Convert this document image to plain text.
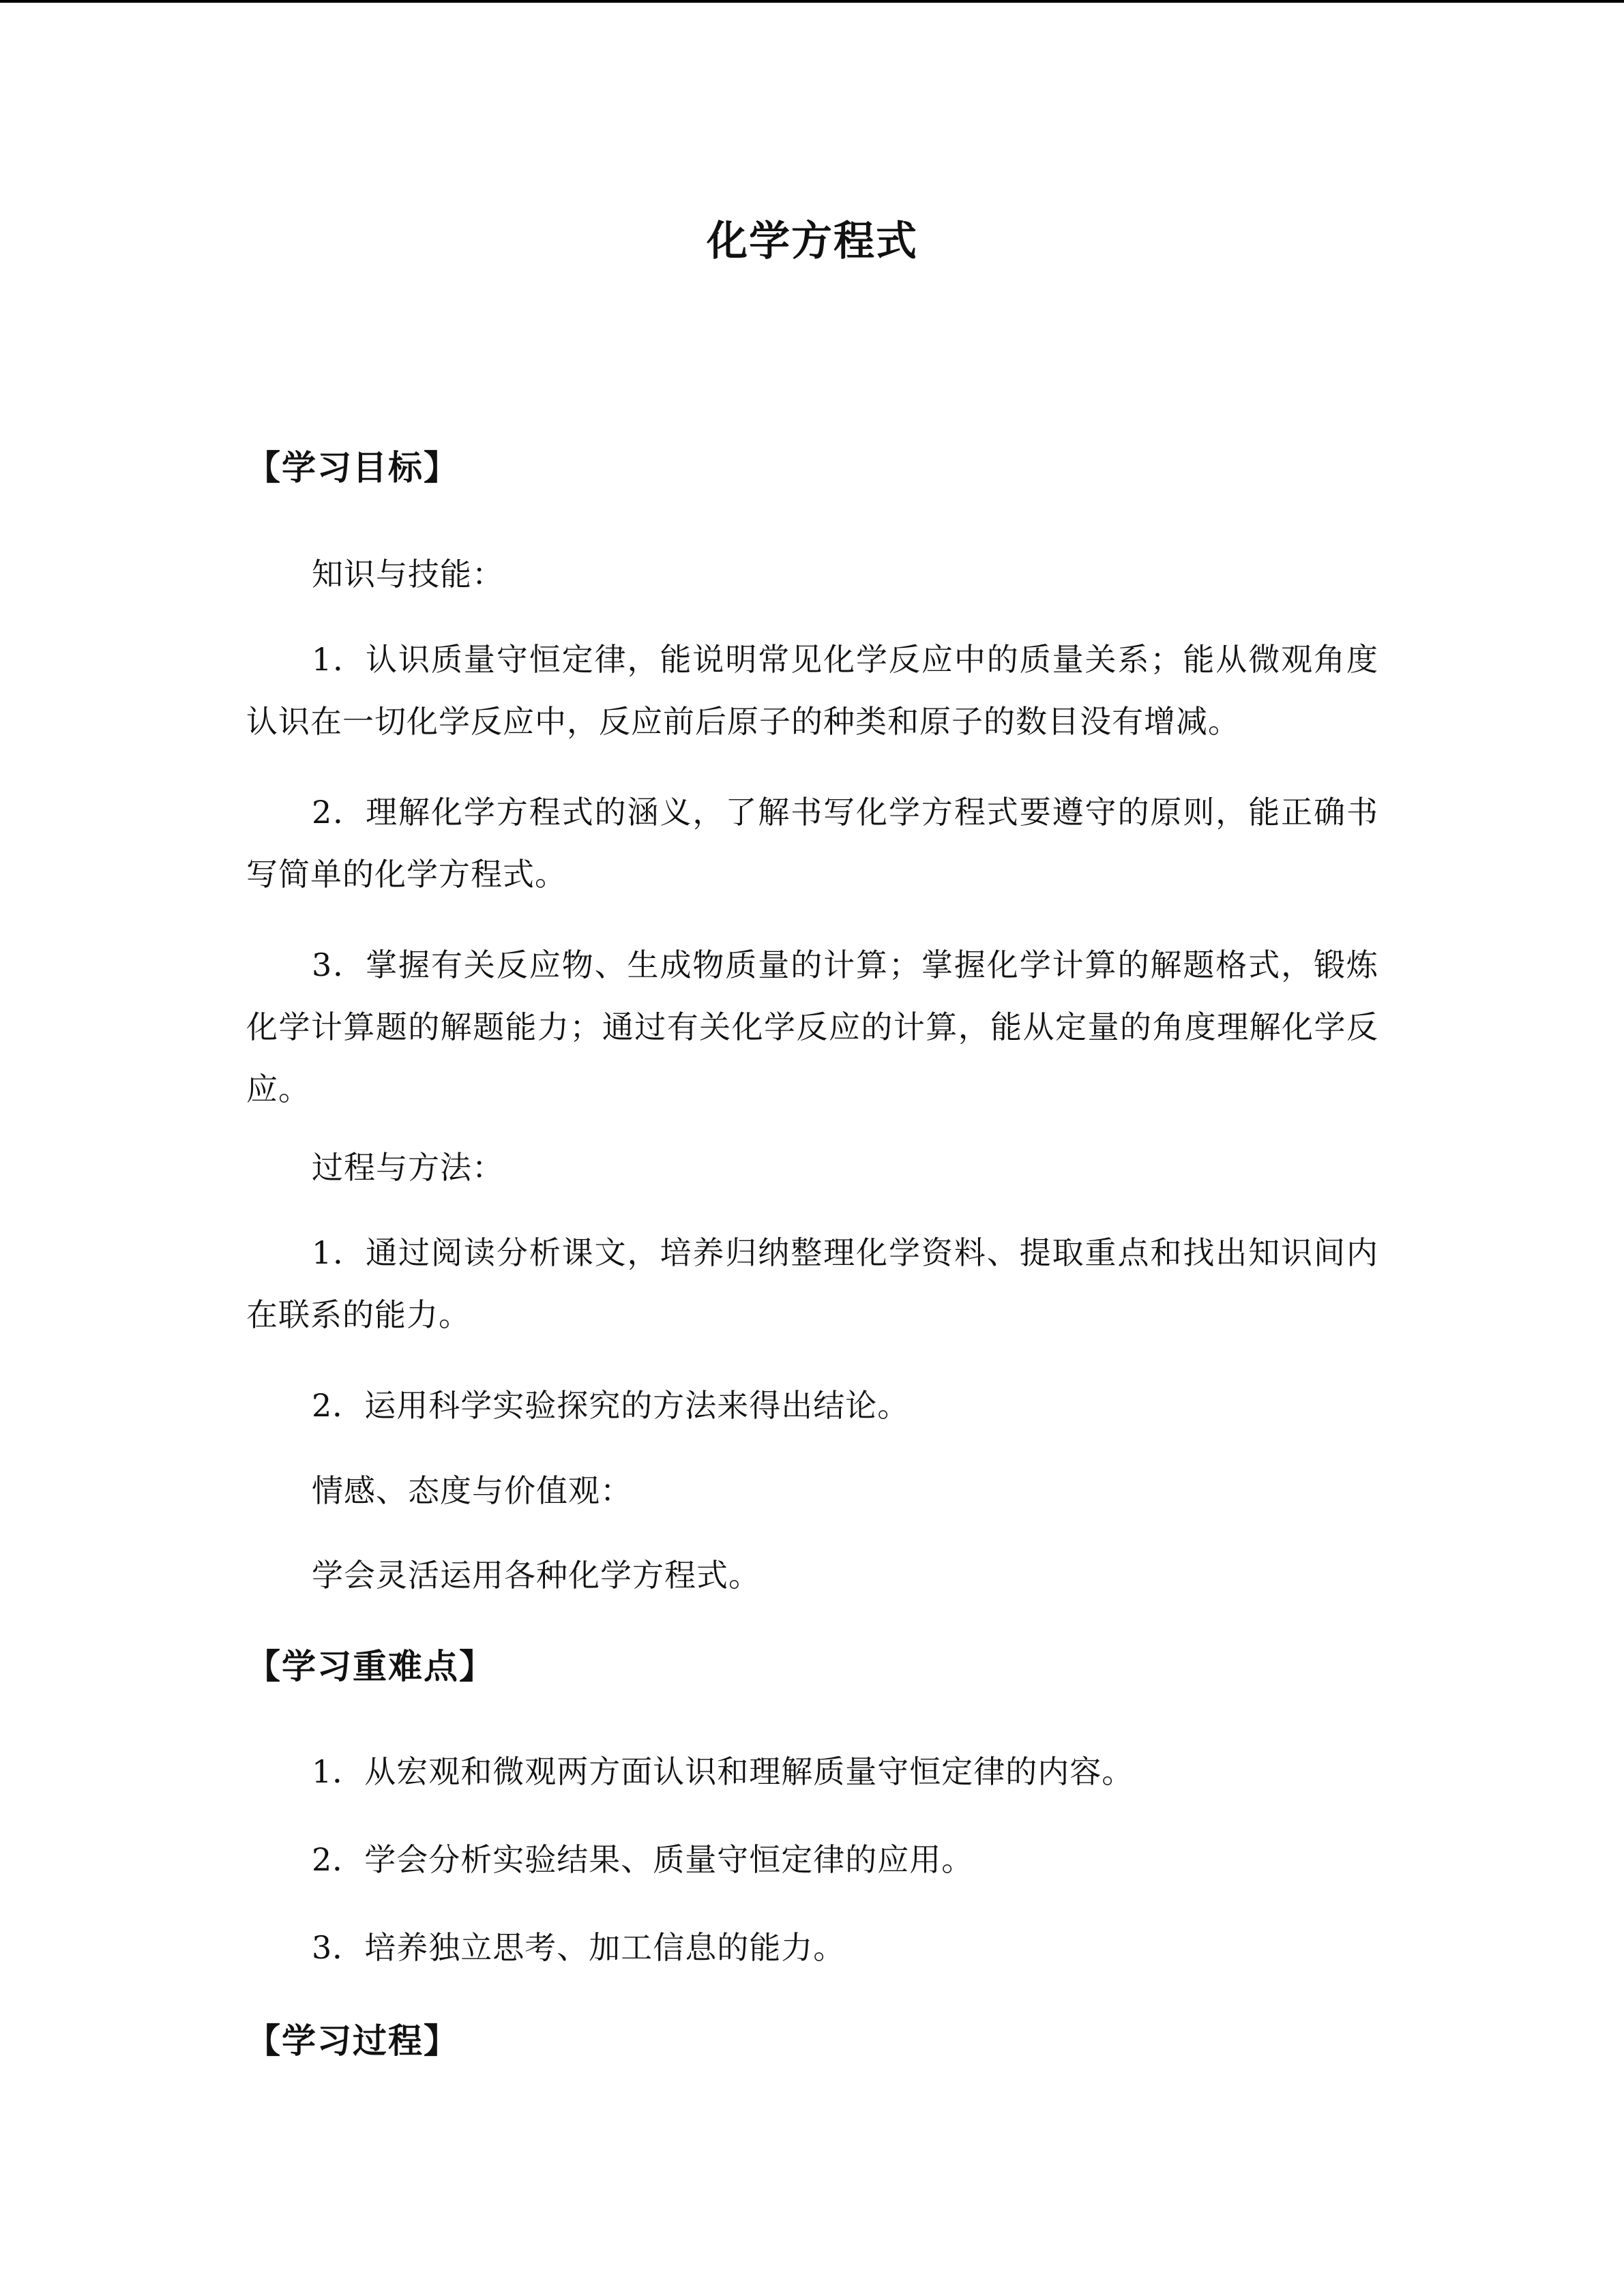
化学方程式
【学习目标】
知识与技能：
1．认识质量守恒定律，能说明常见化学反应中的质量关系；能从微观角度认识在一切化学反应中，反应前后原子的种类和原子的数目没有增减。
2．理解化学方程式的涵义，了解书写化学方程式要遵守的原则，能正确书写简单的化学方程式。
3．掌握有关反应物、生成物质量的计算；掌握化学计算的解题格式，锻炼化学计算题的解题能力；通过有关化学反应的计算，能从定量的角度理解化学反应。
过程与方法：
1．通过阅读分析课文，培养归纳整理化学资料、提取重点和找出知识间内在联系的能力。
2．运用科学实验探究的方法来得出结论。
情感、态度与价值观：
学会灵活运用各种化学方程式。
【学习重难点】
1．从宏观和微观两方面认识和理解质量守恒定律的内容。
2．学会分析实验结果、质量守恒定律的应用。
3．培养独立思考、加工信息的能力。
【学习过程】
